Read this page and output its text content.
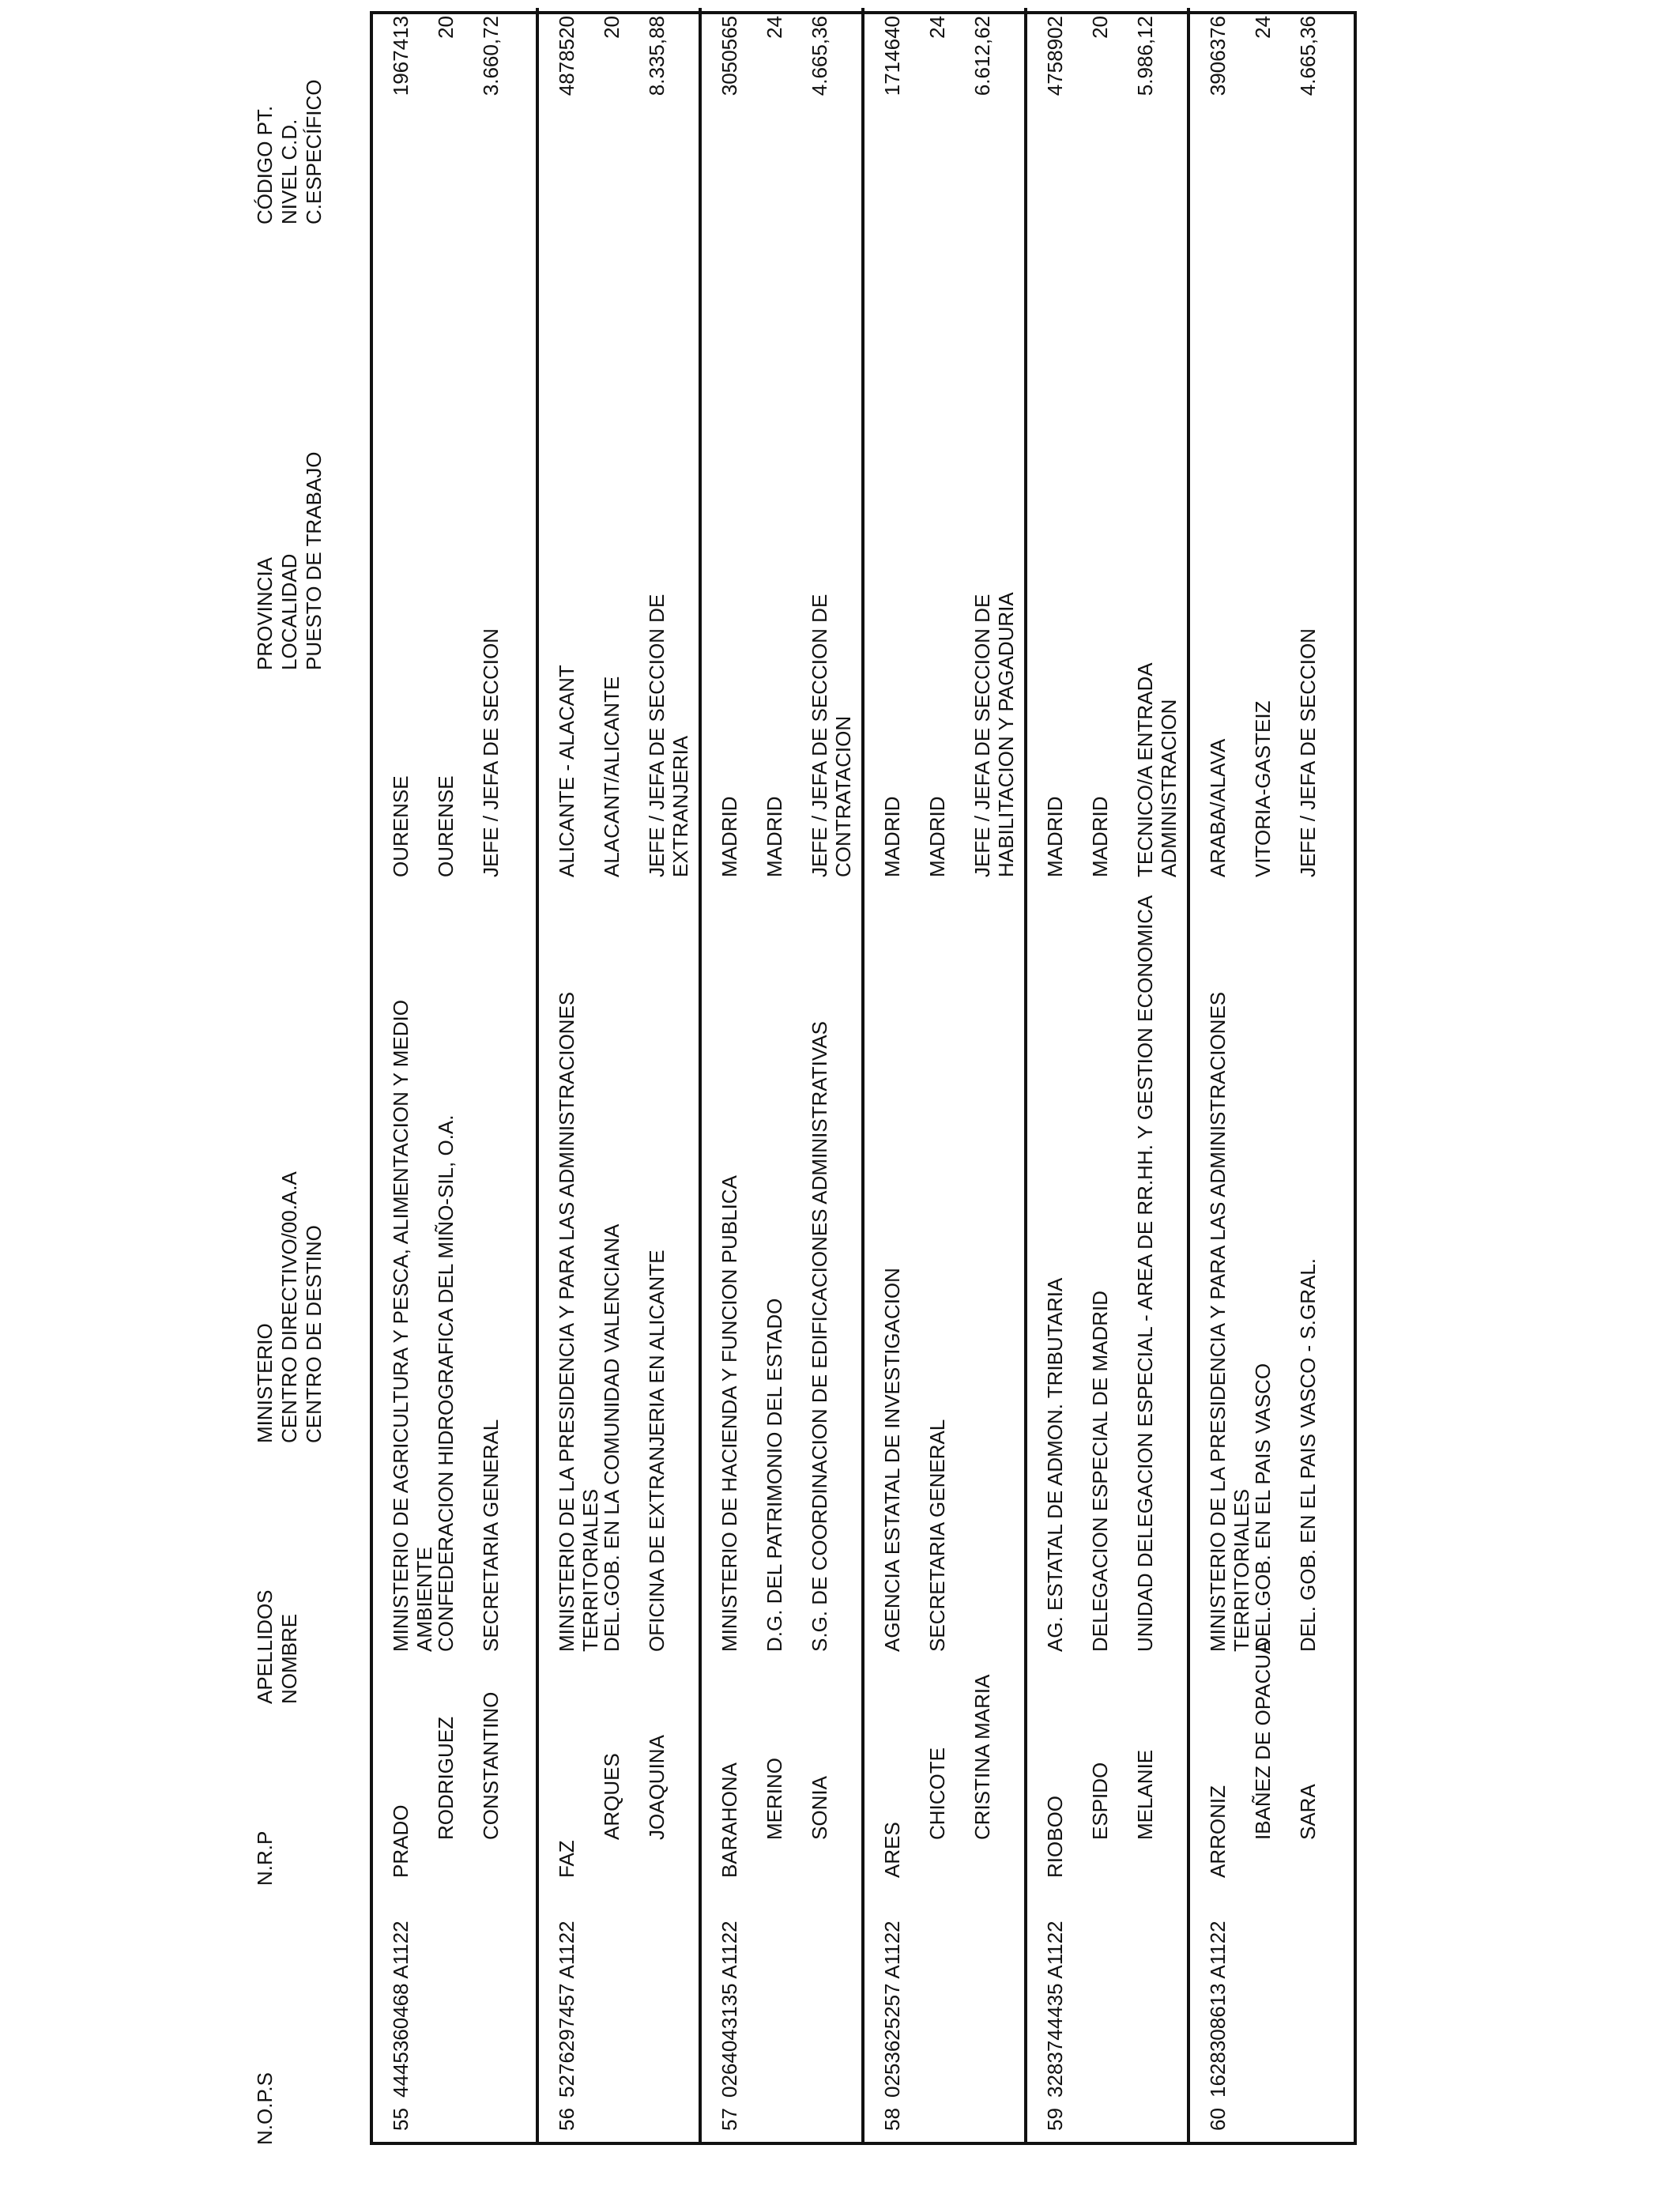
N.O.P.S
N.R.P
APELLIDOS NOMBRE
MINISTERIO CENTRO DIRECTIVO/00.A.A CENTRO DE DESTINO
PROVINCIA LOCALIDAD PUESTO DE TRABAJO
CÓDIGO PT. NIVEL C.D. C.ESPECÍFICO
55
4445360468 A1122
PRADO
MINISTERIO DE AGRICULTURA Y PESCA, ALIMENTACION Y MEDIO AMBIENTE
OURENSE
1967413
RODRIGUEZ
CONFEDERACION HIDROGRAFICA DEL MIÑO-SIL, O.A.
OURENSE
20
CONSTANTINO
SECRETARIA GENERAL
JEFE / JEFA DE SECCION
3.660,72
56
5276297457 A1122
FAZ
MINISTERIO DE LA PRESIDENCIA Y PARA LAS ADMINISTRACIONES TERRITORIALES
ALICANTE - ALACANT
4878520
ARQUES
DEL.GOB. EN LA COMUNIDAD VALENCIANA
ALACANT/ALICANTE
20
JOAQUINA
OFICINA DE EXTRANJERIA EN ALICANTE
JEFE / JEFA DE SECCION DE EXTRANJERIA
8.335,88
57
0264043135 A1122
BARAHONA
MINISTERIO DE HACIENDA Y FUNCION PUBLICA
MADRID
3050565
MERINO
D.G. DEL PATRIMONIO DEL ESTADO
MADRID
24
SONIA
S.G. DE COORDINACION DE EDIFICACIONES ADMINISTRATIVAS
JEFE / JEFA DE SECCION DE CONTRATACION
4.665,36
58
0253625257 A1122
ARES
AGENCIA ESTATAL DE INVESTIGACION
MADRID
1714640
CHICOTE
SECRETARIA GENERAL
MADRID
24
CRISTINA MARIA
JEFE / JEFA DE SECCION DE HABILITACION Y PAGADURIA
6.612,62
59
3283744435 A1122
RIOBOO
AG. ESTATAL DE ADMON. TRIBUTARIA
MADRID
4758902
ESPIDO
DELEGACION ESPECIAL DE MADRID
MADRID
20
MELANIE
UNIDAD DELEGACION ESPECIAL - AREA DE RR.HH. Y GESTION ECONOMICA
TECNICO/A ENTRADA ADMINISTRACION
5.986,12
60
1628308613 A1122
ARRONIZ
MINISTERIO DE LA PRESIDENCIA Y PARA LAS ADMINISTRACIONES TERRITORIALES
ARABA/ALAVA
3906376
IBAÑEZ DE OPACUA
DEL.GOB. EN EL PAIS VASCO
VITORIA-GASTEIZ
24
SARA
DEL. GOB. EN EL PAIS VASCO - S.GRAL.
JEFE / JEFA DE SECCION
4.665,36
